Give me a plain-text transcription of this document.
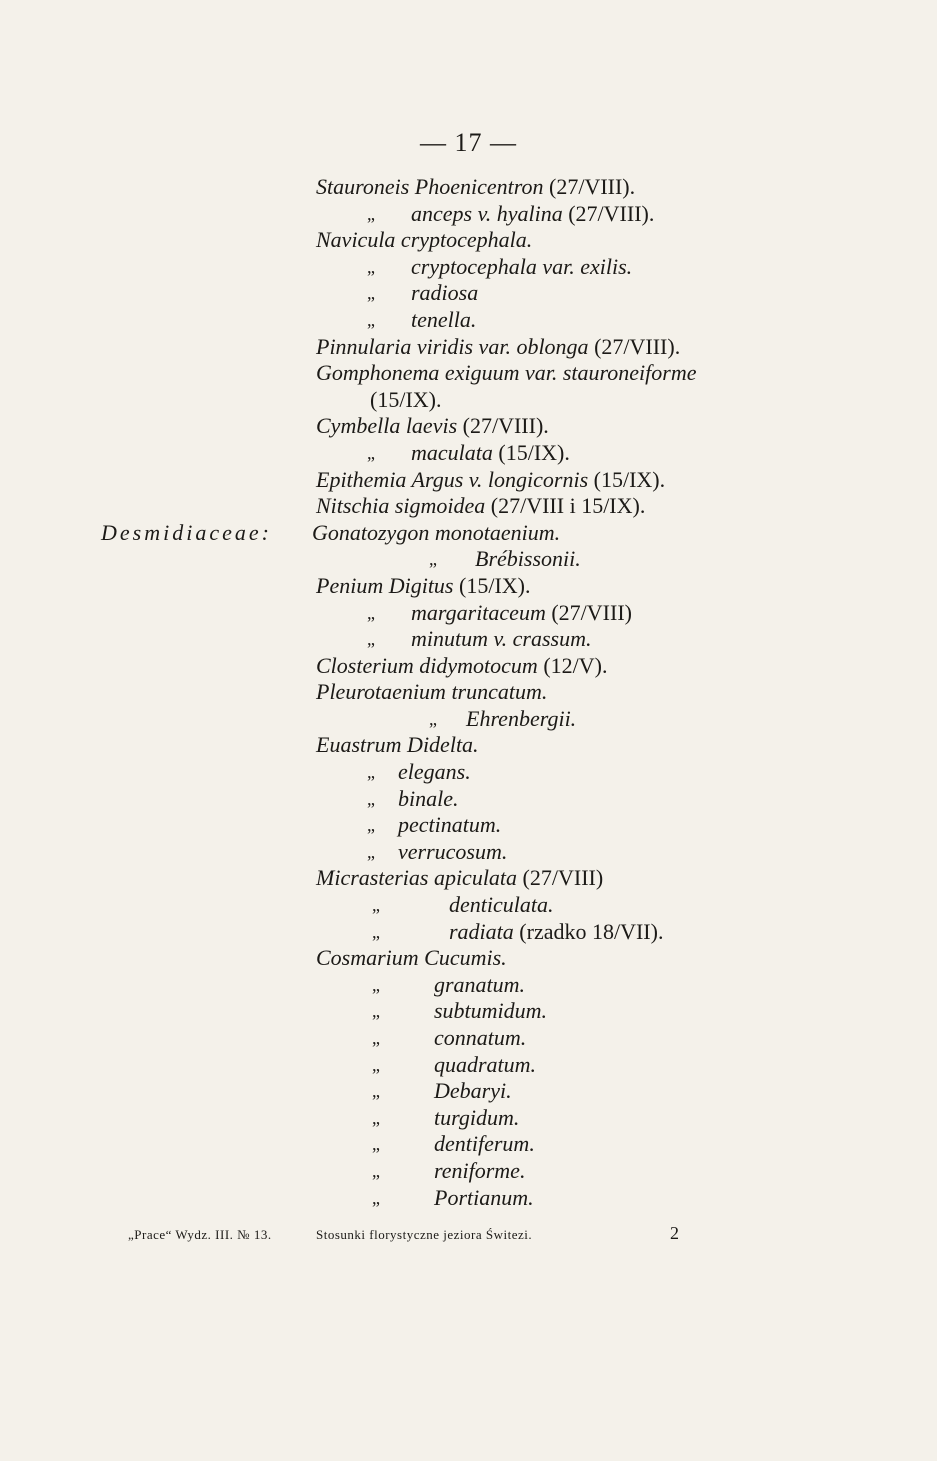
— 17 —
Stauroneis Phoenicentron (27/VIII).
„ anceps v. hyalina (27/VIII).
Navicula cryptocephala.
„ cryptocephala var. exilis.
„ radiosa
„ tenella.
Pinnularia viridis var. oblonga (27/VIII).
Gomphonema exiguum var. stauroneiforme
(15/IX).
Cymbella laevis (27/VIII).
„ maculata (15/IX).
Epithemia Argus v. longicornis (15/IX).
Nitschia sigmoidea (27/VIII i 15/IX).
Desmidiaceae: Gonatozygon monotaenium.
„ Brébissonii.
Penium Digitus (15/IX).
„ margaritaceum (27/VIII)
„ minutum v. crassum.
Closterium didymotocum (12/V).
Pleurotaenium truncatum.
„ Ehrenbergii.
Euastrum Didelta.
„ elegans.
„ binale.
„ pectinatum.
„ verrucosum.
Micrasterias apiculata (27/VIII)
„	denticulata.
„	radiata (rzadko 18/VII).
Cosmarium Cucumis.
„ granatum.
„ subtumidum.
„ connatum.
„ quadratum.
„ Debaryi.
„ turgidum.
„ dentiferum.
„ reniforme.
„ Portianum.
„Prace“ Wydz. III. № 13.	Stosunki florystyczne jeziora Świtezi.	2
